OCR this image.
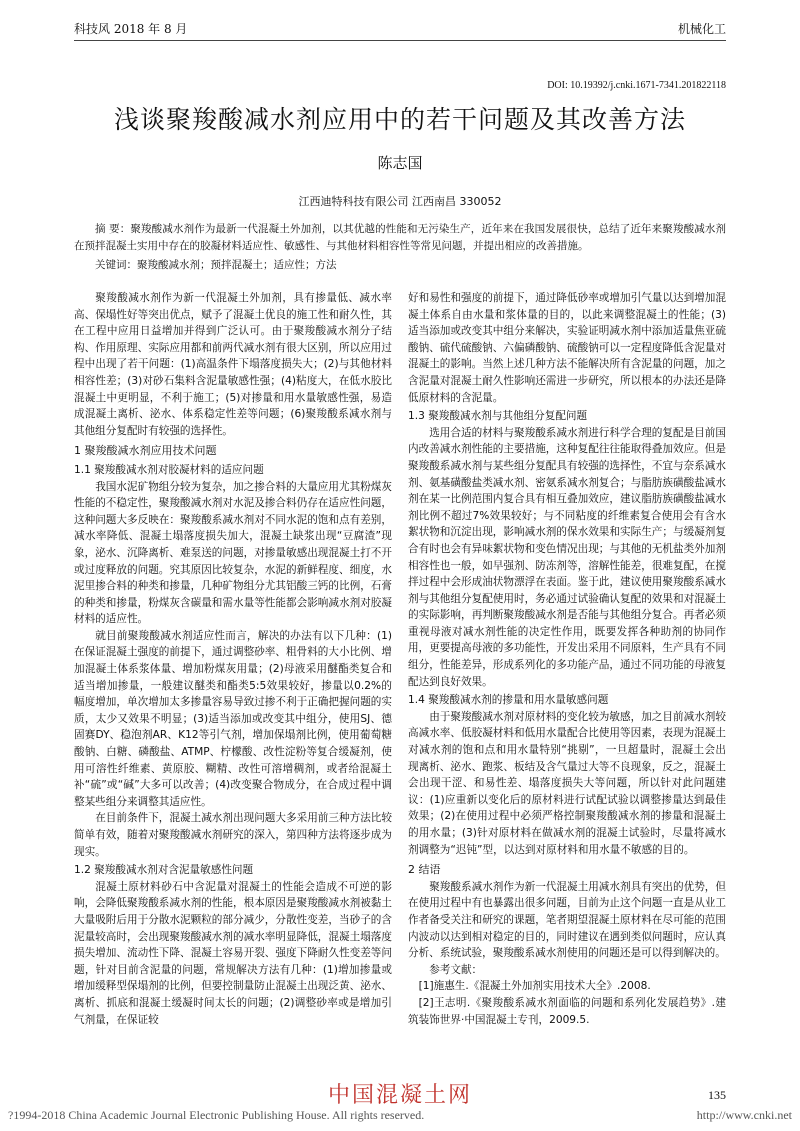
科技风 2018 年 8 月	机械化工
DOI: 10.19392/j.cnki.1671-7341.201822118
浅谈聚羧酸减水剂应用中的若干问题及其改善方法
陈志国
江西迪特科技有限公司 江西南昌 330052

摘 要：聚羧酸减水剂作为最新一代混凝土外加剂，以其优越的性能和无污染生产，近年来在我国发展很快，总结了近年来聚羧酸减水剂在预拌混凝土实用中存在的胶凝材料适应性、敏感性、与其他材料相容性等常见问题，并提出相应的改善措施。

关键词：聚羧酸减水剂；预拌混凝土；适应性；方法

聚羧酸减水剂作为新一代混凝土外加剂，具有掺量低、减水率高、保塌性好等突出优点，赋予了混凝土优良的施工性和耐久性，其在工程中应用日益增加并得到广泛认可。由于聚羧酸减水剂分子结构、作用原理、实际应用都和前两代减水剂有很大区别，所以应用过程中出现了若干问题：(1)高温条件下塌落度损失大；(2)与其他材料相容性差；(3)对砂石集料含泥量敏感性强；(4)粘度大，在低水胶比混凝土中更明显，不利于施工；(5)对掺量和用水量敏感性强，易造成混凝土离析、泌水、体系稳定性差等问题；(6)聚羧酸系减水剂与其他组分复配时有较强的选择性。

1 聚羧酸减水剂应用技术问题
1.1 聚羧酸减水剂对胶凝材料的适应问题

我国水泥矿物组分较为复杂，加之掺合料的大量应用尤其粉煤灰性能的不稳定性，聚羧酸减水剂对水泥及掺合料仍存在适应性问题，这种问题大多反映在：聚羧酸系减水剂对不同水泥的饱和点有差别，减水率降低、混凝土塌落度损失加大，混凝土缺浆出现“豆腐渣”现象，泌水、沉降离析、难泵送的问题，对掺量敏感出现混凝土打不开或过度释放的问题。究其原因比较复杂，水泥的新鲜程度、细度，水泥里掺合料的种类和掺量，几种矿物组分尤其铝酸三钙的比例，石膏的种类和掺量，粉煤灰含碳量和需水量等性能都会影响减水剂对胶凝材料的适应性。

就目前聚羧酸减水剂适应性而言，解决的办法有以下几种：(1)在保证混凝土强度的前提下，通过调整砂率、粗骨料的大小比例、增加混凝土体系浆体量、增加粉煤灰用量；(2)母液采用醚酯类复合和适当增加掺量，一般建议醚类和酯类5:5效果较好，掺量以0.2%的幅度增加，单次增加太多掺量容易导致过掺不利于正确把握问题的实质，太少又效果不明显；(3)适当添加或改变其中组分，使用SJ、德固赛DY、稳泡剂AR、K12等引气剂，增加保塌剂比例，使用葡萄糖酸钠、白糖、磷酸盐、ATMP、柠檬酸、改性淀粉等复合缓凝剂，使用可溶性纤维素、黄原胶、糊精、改性可溶增稠剂，或者给混凝土补“硫”或“碱”大多可以改善；(4)改变聚合物成分，在合成过程中调整某些组分来调整其适应性。

在目前条件下，混凝土减水剂出现问题大多采用前三种方法比较简单有效，随着对聚羧酸减水剂研究的深入，第四种方法将逐步成为现实。

1.2 聚羧酸减水剂对含泥量敏感性问题

混凝土原材料砂石中含泥量对混凝土的性能会造成不可逆的影响，会降低聚羧酸系减水剂的性能，根本原因是聚羧酸减水剂被黏土大量吸附后用于分散水泥颗粒的部分减少，分散性变差，当砂子的含泥量较高时，会出现聚羧酸减水剂的减水率明显降低，混凝土塌落度损失增加、流动性下降、混凝土容易开裂、强度下降耐久性变差等问题，针对目前含泥量的问题，常规解决方法有几种：(1)增加掺量或增加缓释型保塌剂的比例，但要控制量防止混凝土出现泛黄、泌水、离析、抓底和混凝土缓凝时间太长的问题；(2)调整砂率或是增加引气剂量，在保证较

好和易性和强度的前提下，通过降低砂率或增加引气量以达到增加混凝土体系自由水量和浆体量的目的，以此来调整混凝土的性能；(3)适当添加或改变其中组分来解决，实验证明减水剂中添加适量焦亚硫酸钠、硫代硫酸钠、六偏磷酸钠、硫酸钠可以一定程度降低含泥量对混凝土的影响。当然上述几种方法不能解决所有含泥量的问题，加之含泥量对混凝土耐久性影响还需进一步研究，所以根本的办法还是降低原材料的含泥量。

1.3 聚羧酸减水剂与其他组分复配问题

选用合适的材料与聚羧酸系减水剂进行科学合理的复配是目前国内改善减水剂性能的主要措施，这种复配往往能取得叠加效应。但是聚羧酸系减水剂与某些组分复配具有较强的选择性，不宜与奈系减水剂、氨基磺酸盐类减水剂、密氨系减水剂复合；与脂肪族磺酸盐减水剂在某一比例范围内复合具有相互叠加效应，建议脂肪族磺酸盐减水剂比例不超过7%效果较好；与不同粘度的纤维素复合使用会有含水絮状物和沉淀出现，影响减水剂的保水效果和实际生产；与缓凝剂复合有时也会有异味絮状物和变色情况出现；与其他的无机盐类外加剂相容性也一般，如早强剂、防冻剂等，溶解性能差，很难复配，在搅拌过程中会形成油状物漂浮在表面。鉴于此，建议使用聚羧酸系减水剂与其他组分复配使用时，务必通过试验确认复配的效果和对混凝土的实际影响，再判断聚羧酸减水剂是否能与其他组分复合。再者必须重视母液对减水剂性能的决定性作用，既要发挥各种助剂的协同作用，更要提高母液的多功能性，开发出采用不同原料，生产具有不同组分，性能差异，形成系列化的多功能产品，通过不同功能的母液复配达到良好效果。

1.4 聚羧酸减水剂的掺量和用水量敏感问题

由于聚羧酸减水剂对原材料的变化较为敏感，加之目前减水剂较高减水率、低胶凝材料和低用水量配合比使用等因素，表现为混凝土对减水剂的饱和点和用水量特别“挑剔”，一旦超量时，混凝土会出现离析、泌水、跑浆、板结及含气量过大等不良现象，反之，混凝土会出现干涩、和易性差、塌落度损失大等问题，所以针对此问题建议：(1)应重新以变化后的原材料进行试配试验以调整掺量达到最佳效果；(2)在使用过程中必须严格控制聚羧酸减水剂的掺量和混凝土的用水量；(3)针对原材料在做减水剂的混凝土试验时，尽量将减水剂调整为“迟钝”型，以达到对原材料和用水量不敏感的目的。

2 结语

聚羧酸系减水剂作为新一代混凝土用减水剂具有突出的优势，但在使用过程中有也暴露出很多问题，目前为止这个问题一直是从业工作者备受关注和研究的课题，笔者期望混凝土原材料在尽可能的范围内波动以达到相对稳定的目的，同时建议在遇到类似问题时，应认真分析、系统试验，聚羧酸系减水剂使用的问题还是可以得到解决的。

参考文献：

[1]施惠生.《混凝土外加剂实用技术大全》.2008.

[2]王志明.《聚羧酸系减水剂面临的问题和系列化发展趋势》.建筑装饰世界·中国混凝土专刊，2009.5.

中国混凝土网	135
?1994-2018 China Academic Journal Electronic Publishing House. All rights reserved.	http://www.cnki.net
